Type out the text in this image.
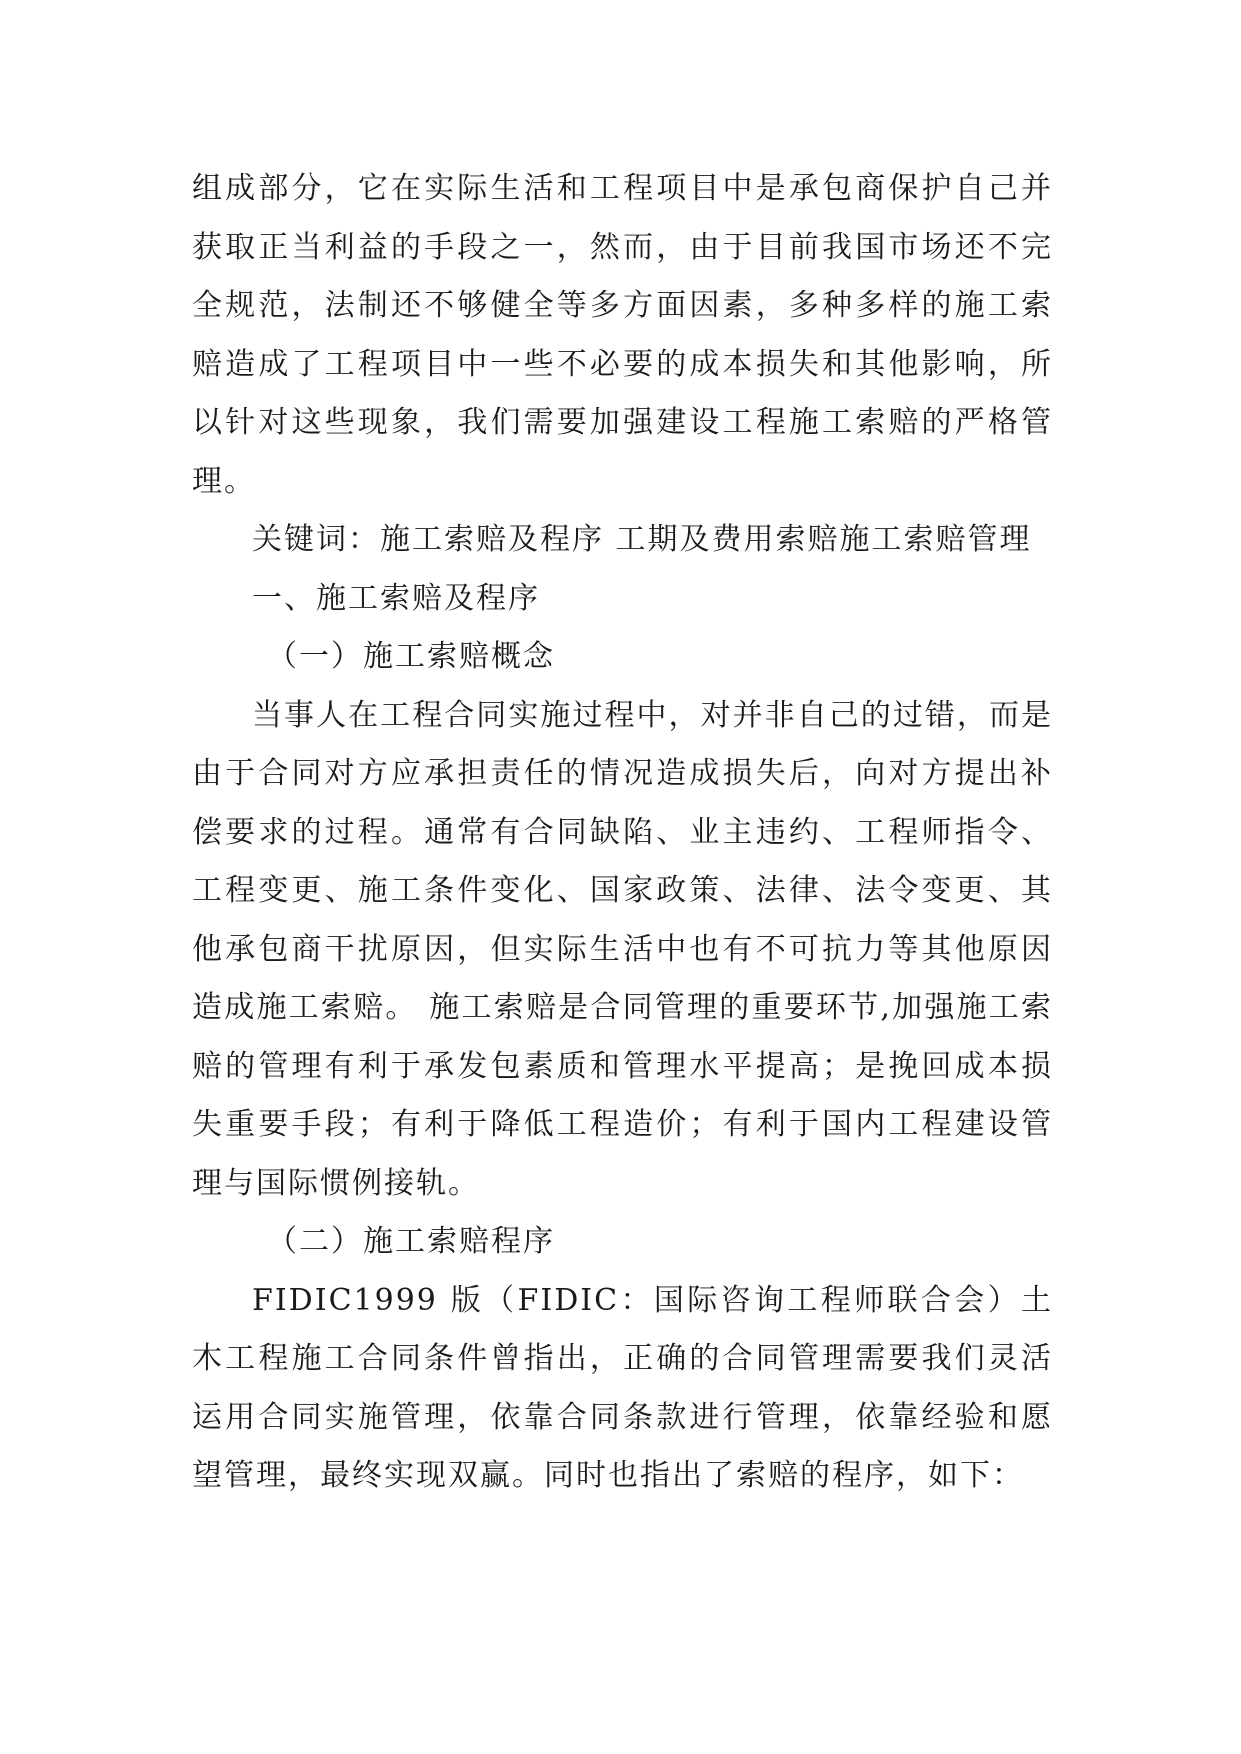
组成部分，它在实际生活和工程项目中是承包商保护自己并获取正当利益的手段之一，然而，由于目前我国市场还不完全规范，法制还不够健全等多方面因素，多种多样的施工索赔造成了工程项目中一些不必要的成本损失和其他影响，所以针对这些现象，我们需要加强建设工程施工索赔的严格管理。

关键词：施工索赔及程序 工期及费用索赔施工索赔管理

一、施工索赔及程序

（一）施工索赔概念

当事人在工程合同实施过程中，对并非自己的过错，而是由于合同对方应承担责任的情况造成损失后，向对方提出补偿要求的过程。通常有合同缺陷、业主违约、工程师指令、工程变更、施工条件变化、国家政策、法律、法令变更、其他承包商干扰原因，但实际生活中也有不可抗力等其他原因造成施工索赔。 施工索赔是合同管理的重要环节,加强施工索赔的管理有利于承发包素质和管理水平提高；是挽回成本损失重要手段；有利于降低工程造价；有利于国内工程建设管理与国际惯例接轨。

（二）施工索赔程序

FIDIC1999 版（FIDIC：国际咨询工程师联合会）土木工程施工合同条件曾指出，正确的合同管理需要我们灵活运用合同实施管理，依靠合同条款进行管理，依靠经验和愿望管理，最终实现双赢。同时也指出了索赔的程序，如下：
